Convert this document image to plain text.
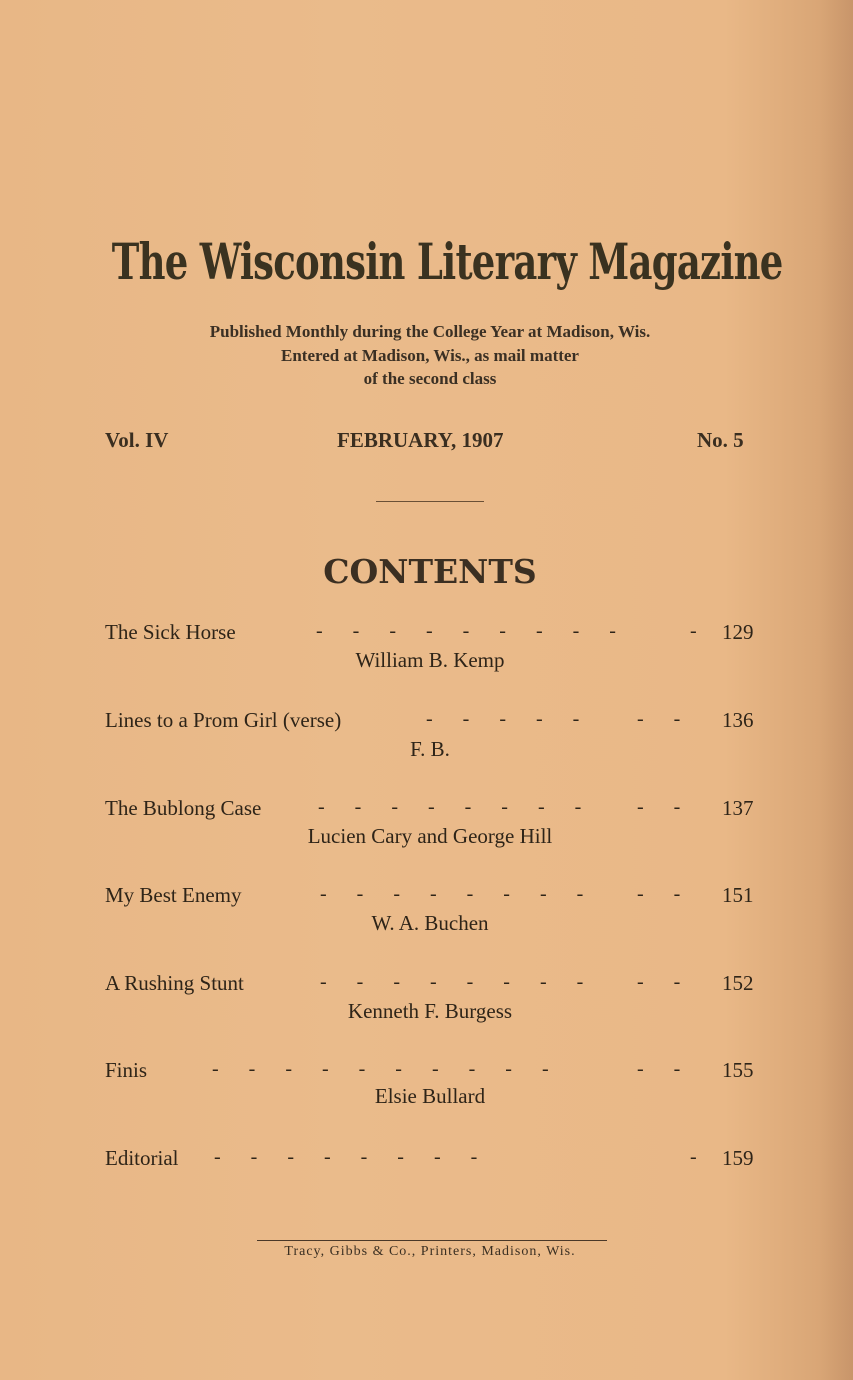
The Wisconsin Literary Magazine
Published Monthly during the College Year at Madison, Wis.
Entered at Madison, Wis., as mail matter
of the second class
Vol. IV	FEBRUARY, 1907	No. 5
CONTENTS
The Sick Horse	-      -      -      -      -      -      -      -      -	- 129
William B. Kemp
Lines to a Prom Girl (verse)	-      -      -      -      -	-      - 136
F. B.
The Bublong Case	-      -      -      -      -      -      -      -	-      - 137
Lucien Cary and George Hill
My Best Enemy	-      -      -      -      -      -      -      -	-      - 151
W. A. Buchen
A Rushing Stunt	-      -      -      -      -      -      -      -	-      - 152
Kenneth F. Burgess
Finis	-      -      -      -      -      -      -      -      -      -	-      - 155
Elsie Bullard
Editorial -      -      -      -      -      -      -      -	- 159
Tracy, Gibbs & Co., Printers, Madison, Wis.
